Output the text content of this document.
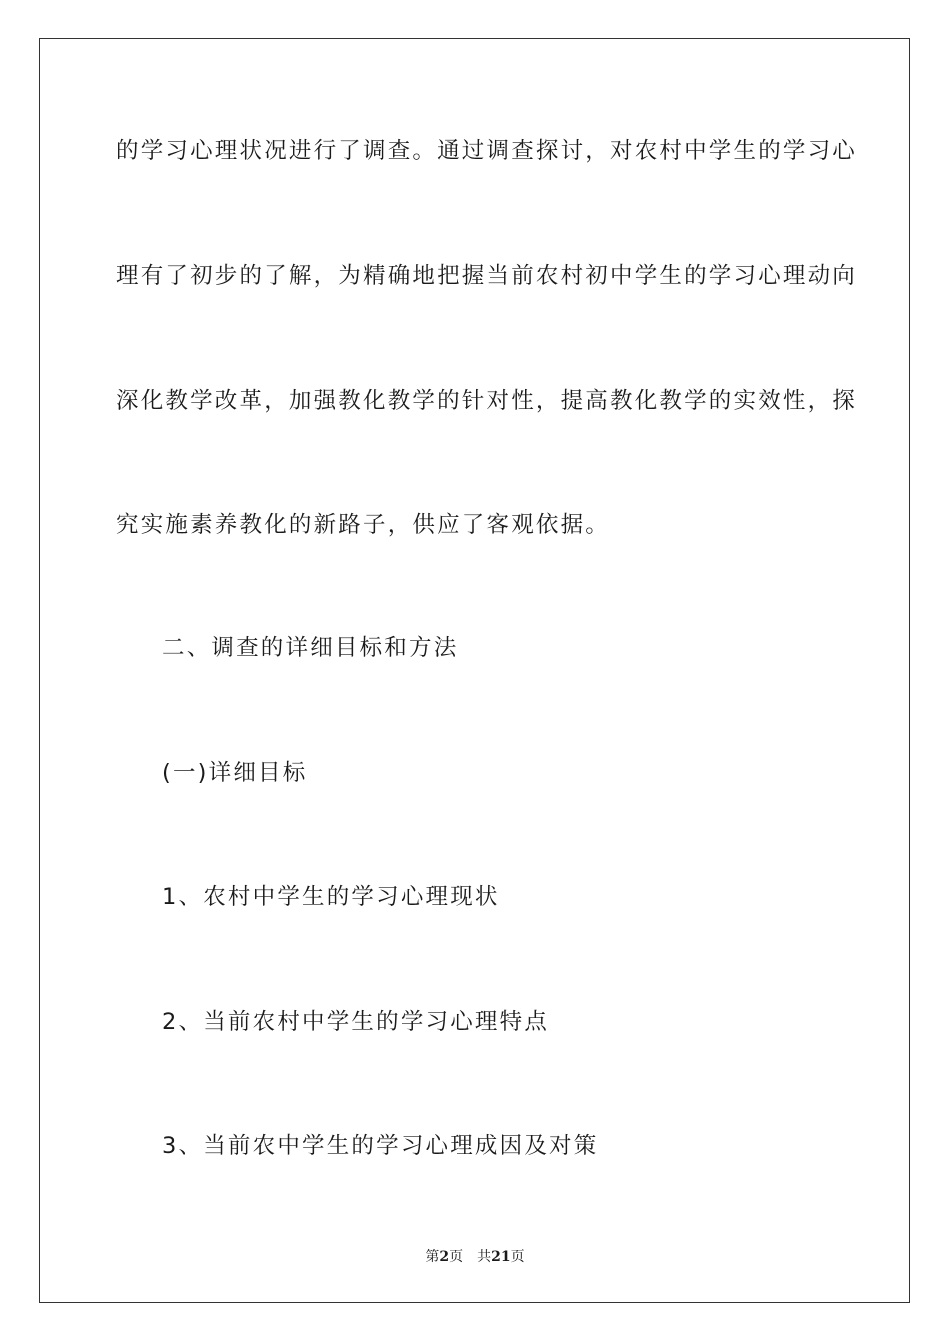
的学习心理状况进行了调查。通过调查探讨，对农村中学生的学习心
理有了初步的了解，为精确地把握当前农村初中学生的学习心理动向
深化教学改革，加强教化教学的针对性，提高教化教学的实效性，探
究实施素养教化的新路子，供应了客观依据。
二、调查的详细目标和方法
(一)详细目标
1、农村中学生的学习心理现状
2、当前农村中学生的学习心理特点
3、当前农中学生的学习心理成因及对策
第2页 共21页
